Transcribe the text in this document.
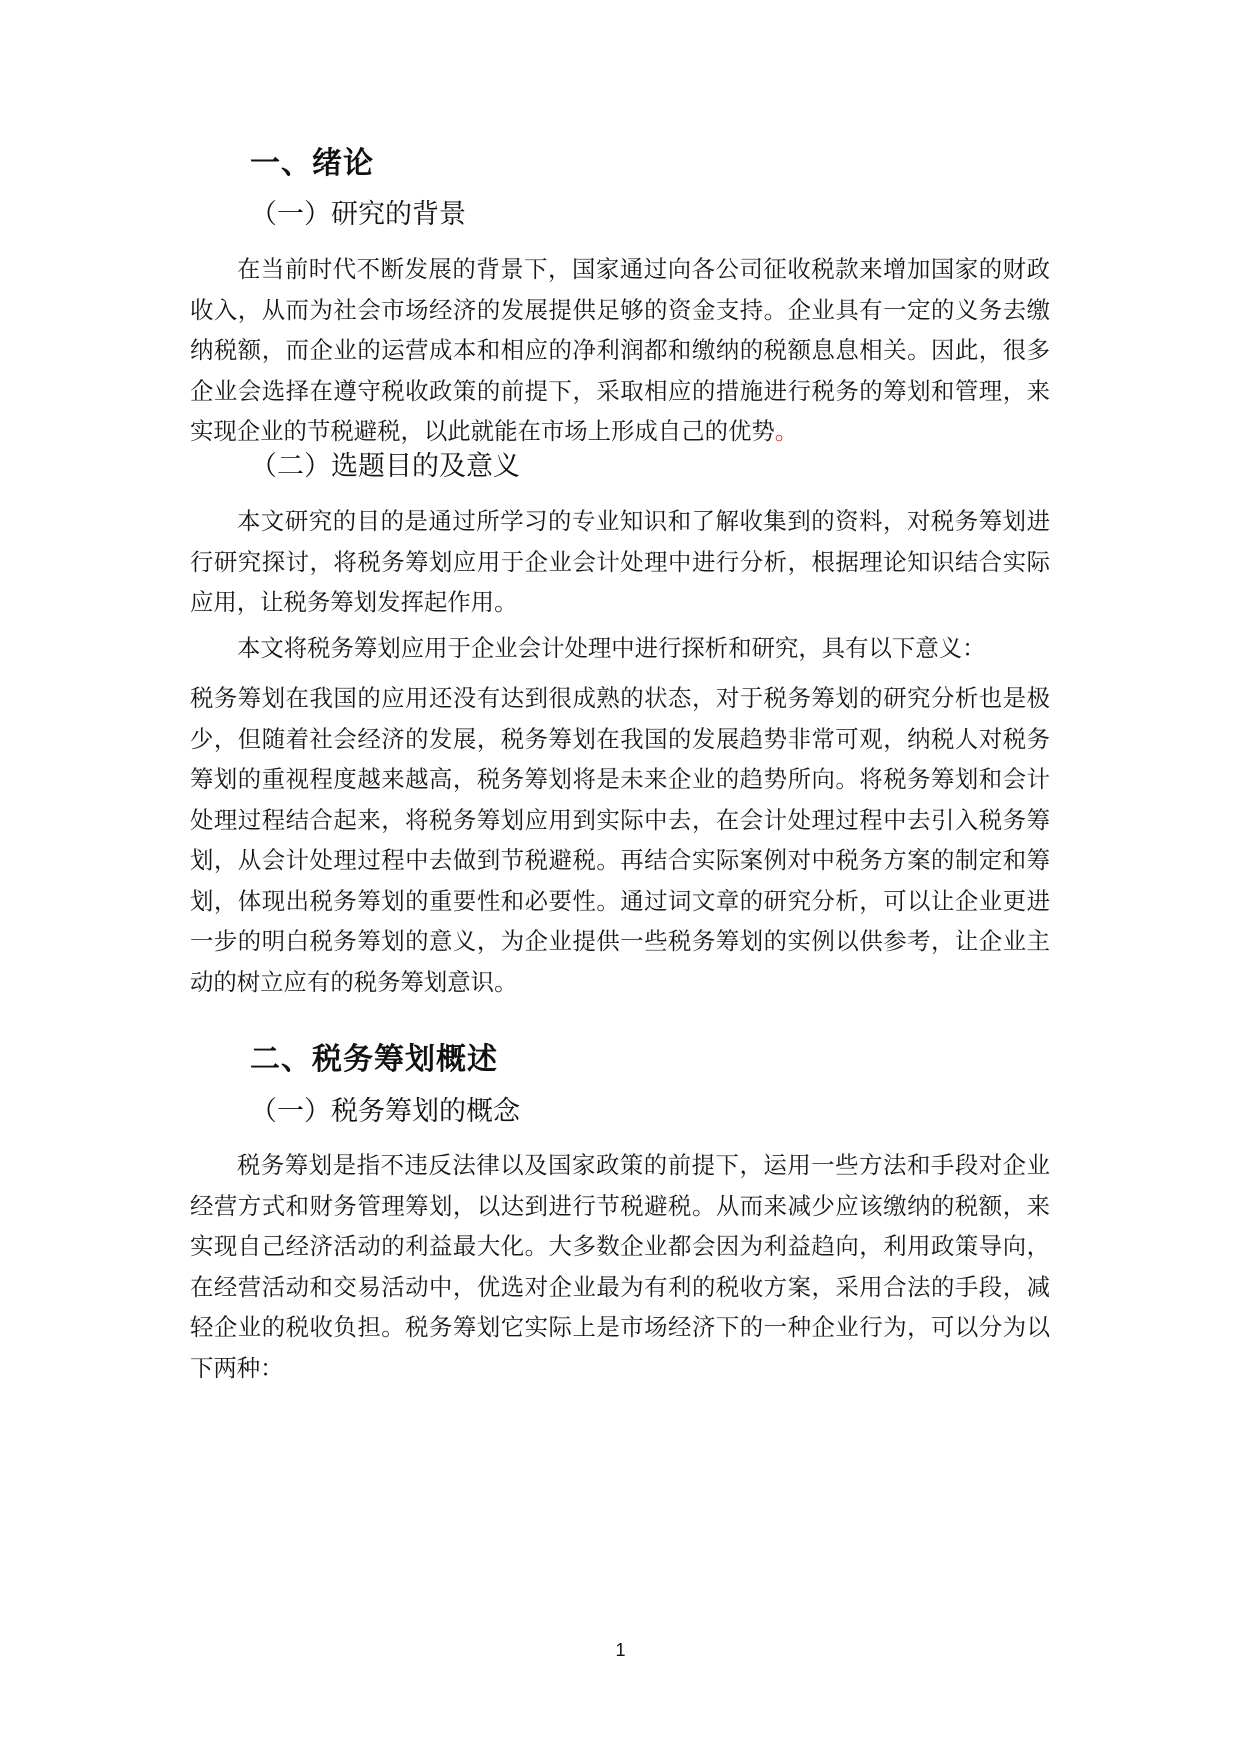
一、绪论
（一）研究的背景

在当前时代不断发展的背景下，国家通过向各公司征收税款来增加国家的财政收入，从而为社会市场经济的发展提供足够的资金支持。企业具有一定的义务去缴纳税额，而企业的运营成本和相应的净利润都和缴纳的税额息息相关。因此，很多企业会选择在遵守税收政策的前提下，采取相应的措施进行税务的筹划和管理，来实现企业的节税避税，以此就能在市场上形成自己的优势。

（二）选题目的及意义

本文研究的目的是通过所学习的专业知识和了解收集到的资料，对税务筹划进行研究探讨，将税务筹划应用于企业会计处理中进行分析，根据理论知识结合实际应用，让税务筹划发挥起作用。

本文将税务筹划应用于企业会计处理中进行探析和研究，具有以下意义：

税务筹划在我国的应用还没有达到很成熟的状态，对于税务筹划的研究分析也是极少，但随着社会经济的发展，税务筹划在我国的发展趋势非常可观，纳税人对税务筹划的重视程度越来越高，税务筹划将是未来企业的趋势所向。将税务筹划和会计处理过程结合起来，将税务筹划应用到实际中去，在会计处理过程中去引入税务筹划，从会计处理过程中去做到节税避税。再结合实际案例对中税务方案的制定和筹划，体现出税务筹划的重要性和必要性。通过词文章的研究分析，可以让企业更进一步的明白税务筹划的意义，为企业提供一些税务筹划的实例以供参考，让企业主动的树立应有的税务筹划意识。

二、税务筹划概述
（一）税务筹划的概念

税务筹划是指不违反法律以及国家政策的前提下，运用一些方法和手段对企业经营方式和财务管理筹划，以达到进行节税避税。从而来减少应该缴纳的税额，来实现自己经济活动的利益最大化。大多数企业都会因为利益趋向，利用政策导向，在经营活动和交易活动中，优选对企业最为有利的税收方案，采用合法的手段，减轻企业的税收负担。税务筹划它实际上是市场经济下的一种企业行为，可以分为以下两种：

1
